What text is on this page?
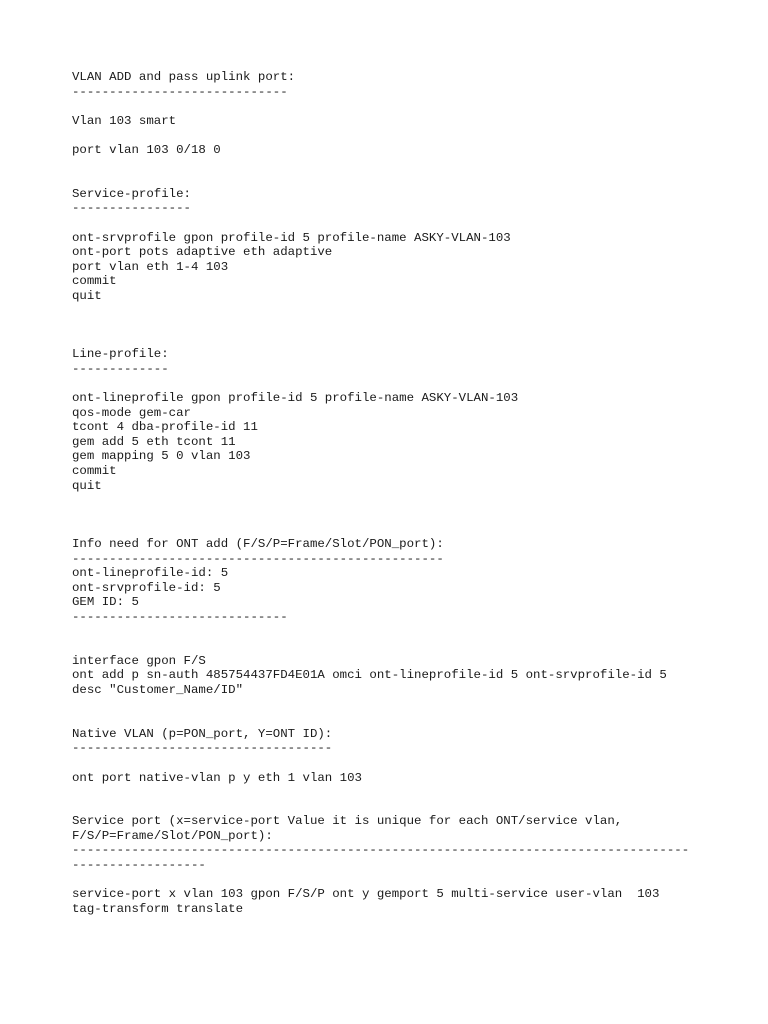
VLAN ADD and pass uplink port:
-----------------------------
Vlan 103 smart
port vlan 103 0/18 0
Service-profile:
----------------
ont-srvprofile gpon profile-id 5 profile-name ASKY-VLAN-103
ont-port pots adaptive eth adaptive
port vlan eth 1-4 103
commit
quit
Line-profile:
-------------
ont-lineprofile gpon profile-id 5 profile-name ASKY-VLAN-103
qos-mode gem-car
tcont 4 dba-profile-id 11
gem add 5 eth tcont 11
gem mapping 5 0 vlan 103
commit
quit
Info need for ONT add (F/S/P=Frame/Slot/PON_port):
--------------------------------------------------
ont-lineprofile-id: 5
ont-srvprofile-id: 5
GEM ID: 5
-----------------------------
interface gpon F/S
ont add p sn-auth 485754437FD4E01A omci ont-lineprofile-id 5 ont-srvprofile-id 5
desc "Customer_Name/ID"
Native VLAN (p=PON_port, Y=ONT ID):
-----------------------------------
ont port native-vlan p y eth 1 vlan 103
Service port (x=service-port Value it is unique for each ONT/service vlan,
F/S/P=Frame/Slot/PON_port):
-----------------------------------------------------------------------------------
------------------
service-port x vlan 103 gpon F/S/P ont y gemport 5 multi-service user-vlan  103
tag-transform translate
